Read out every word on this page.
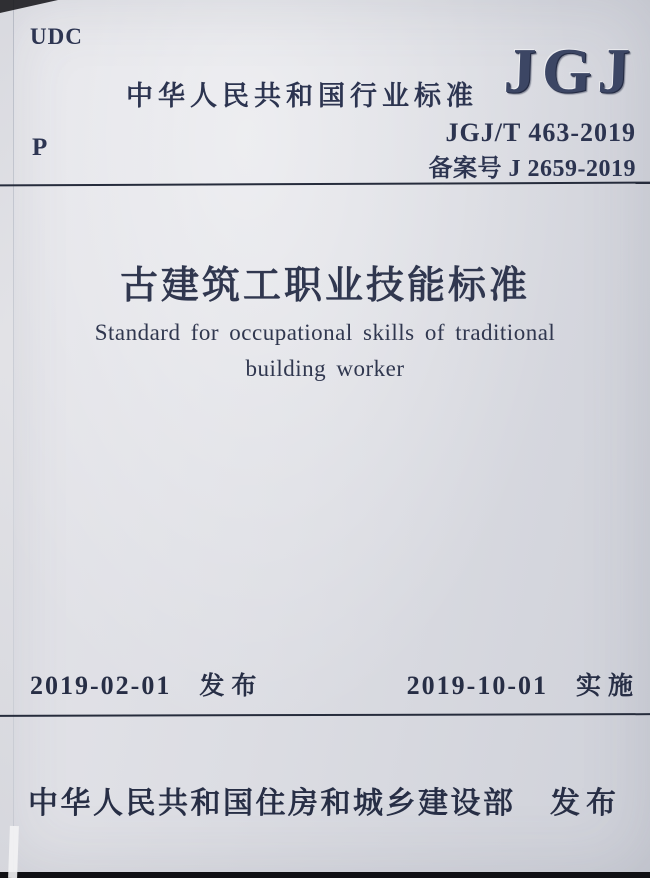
UDC
中华人民共和国行业标准 JGJ
JGJ/T 463-2019
备案号 J 2659-2019
P
古建筑工职业技能标准
Standard for occupational skills of traditional
building worker
2019-02-01 发布	2019-10-01 实施
中华人民共和国住房和城乡建设部 发布
